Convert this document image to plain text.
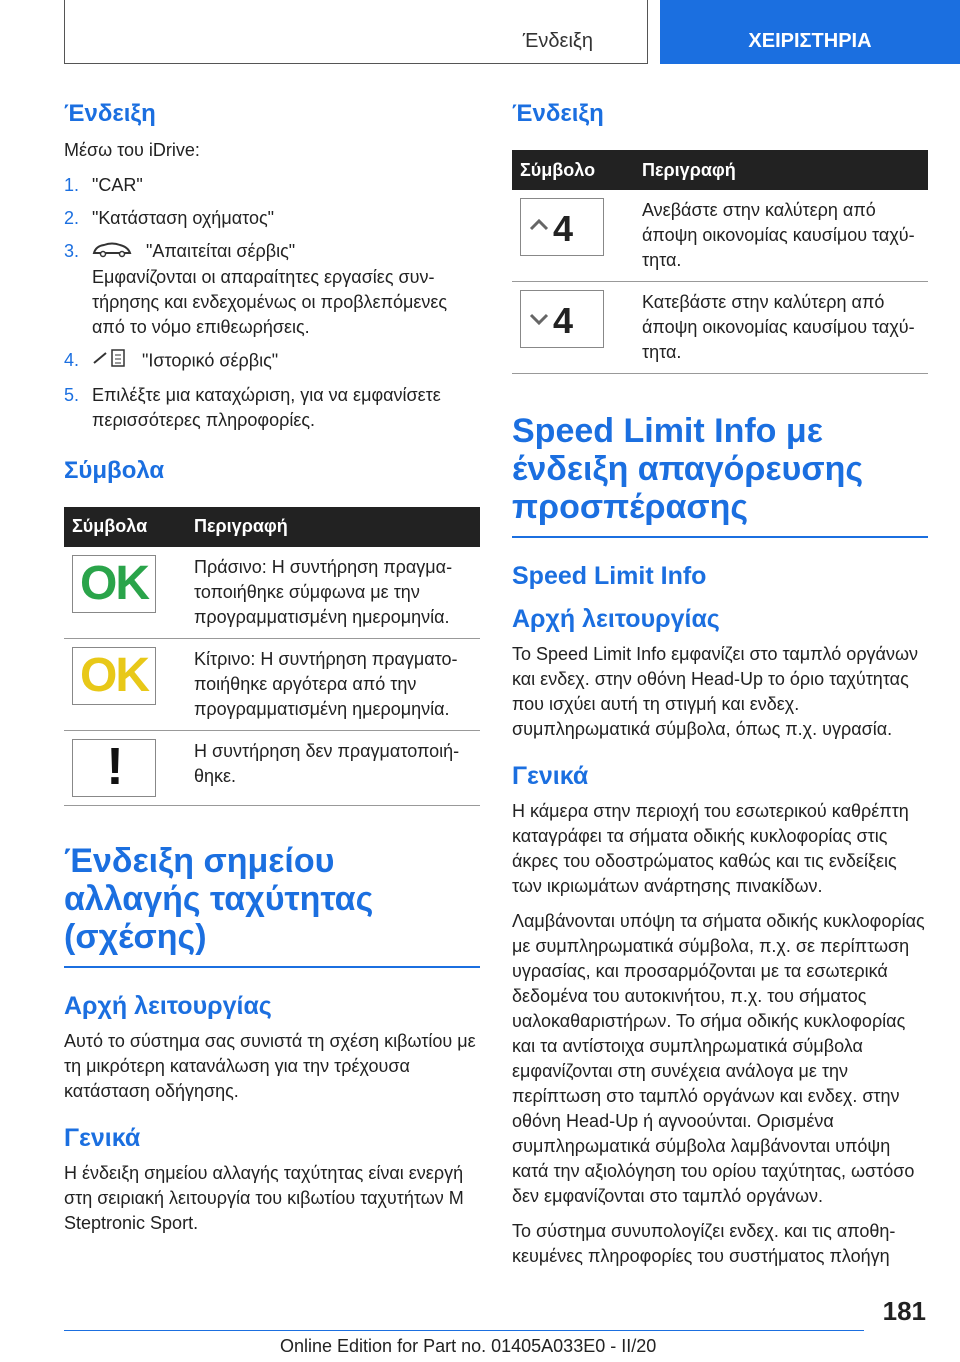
Ένδειξη	ΧΕΙΡΙΣΤΗΡΙΑ
Ένδειξη

Μέσω του iDrive:

1. "CAR"
2. "Κατάσταση οχήματος"
3.	"Απαιτείται σέρβις"
Εμφανίζονται οι απαραίτητες εργασίες συντήρησης και ενδεχομένως οι προβλεπόμενες από το νόμο επιθεωρήσεις.
4.	"Ιστορικό σέρβις"
5. Επιλέξτε μια καταχώριση, για να εμφανίσετε περισσότερες πληροφορίες.
Σύμβολα
Σύμβολα	Περιγραφή

OK	Πράσινο: Η συντήρηση πραγματοποιήθηκε σύμφωνα με την προγραμματισμένη ημερομηνία.

OK	Κίτρινο: Η συντήρηση πραγματοποιήθηκε αργότερα από την προγραμματισμένη ημερομηνία.

!	Η συντήρηση δεν πραγματοποιήθηκε.
Ένδειξη σημείου αλλαγής ταχύτητας (σχέσης)
Αρχή λειτουργίας

Αυτό το σύστημα σας συνιστά τη σχέση κιβωτίου με τη μικρότερη κατανάλωση για την τρέχουσα κατάσταση οδήγησης.

Γενικά

Η ένδειξη σημείου αλλαγής ταχύτητας είναι ενεργή στη σειριακή λειτουργία του κιβωτίου ταχυτήτων M Steptronic Sport.

Ένδειξη
Σύμβολο	Περιγραφή

4	Ανεβάστε στην καλύτερη από άποψη οικονομίας καυσίμου ταχύτητα.

4	Κατεβάστε στην καλύτερη από άποψη οικονομίας καυσίμου ταχύτητα.
Speed Limit Info με ένδειξη απαγόρευσης προσπέρασης
Speed Limit Info
Αρχή λειτουργίας

Το Speed Limit Info εμφανίζει στο ταμπλό οργάνων και ενδεχ. στην οθόνη Head-Up το όριο ταχύτητας που ισχύει αυτή τη στιγμή και ενδεχ. συμπληρωματικά σύμβολα, όπως π.χ. υγρασία.

Γενικά

Η κάμερα στην περιοχή του εσωτερικού καθρέπτη καταγράφει τα σήματα οδικής κυκλοφορίας στις άκρες του οδοστρώματος καθώς και τις ενδείξεις των ικριωμάτων ανάρτησης πινακίδων.

Λαμβάνονται υπόψη τα σήματα οδικής κυκλοφορίας με συμπληρωματικά σύμβολα, π.χ. σε περίπτωση υγρασίας, και προσαρμόζονται με τα εσωτερικά δεδομένα του αυτοκινήτου, π.χ. του σήματος υαλοκαθαριστήρων. Το σήμα οδικής κυκλοφορίας και τα αντίστοιχα συμπληρωματικά σύμβολα εμφανίζονται στη συνέχεια ανάλογα με την περίπτωση στο ταμπλό οργάνων και ενδεχ. στην οθόνη Head-Up ή αγνοούνται. Ορισμένα συμπληρωματικά σύμβολα λαμβάνονται υπόψη κατά την αξιολόγηση του ορίου ταχύτητας, ωστόσο δεν εμφανίζονται στο ταμπλό οργάνων.

Το σύστημα συνυπολογίζει ενδεχ. και τις αποθηκευμένες πληροφορίες του συστήματος πλοήγη

181
Online Edition for Part no. 01405A033E0 - II/20
